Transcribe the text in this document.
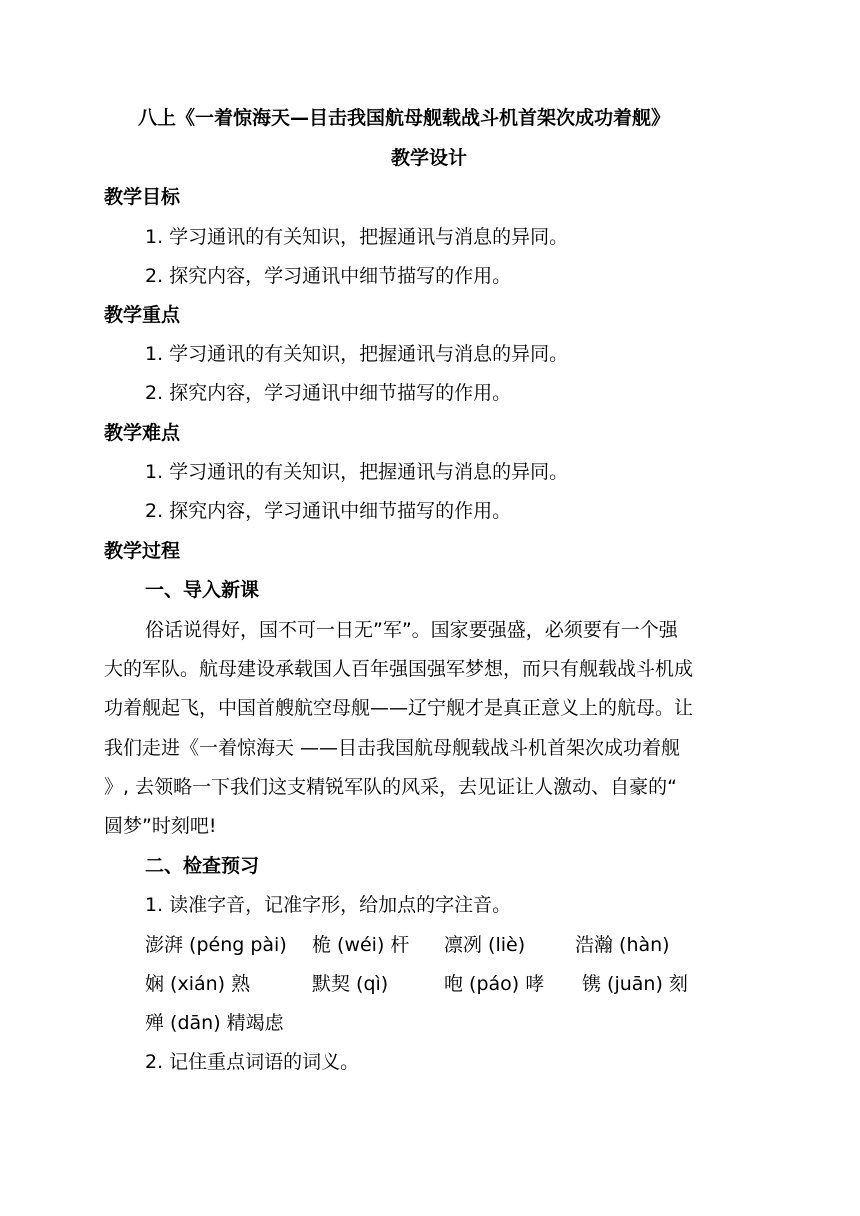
八上《一着惊海天—目击我国航母舰载战斗机首架次成功着舰》
教学设计
教学目标
1. 学习通讯的有关知识，把握通讯与消息的异同。
2. 探究内容，学习通讯中细节描写的作用。
教学重点
1. 学习通讯的有关知识，把握通讯与消息的异同。
2. 探究内容，学习通讯中细节描写的作用。
教学难点
1. 学习通讯的有关知识，把握通讯与消息的异同。
2. 探究内容，学习通讯中细节描写的作用。
教学过程
一、导入新课
俗话说得好，国不可一日无”军”。国家要强盛，必须要有一个强
大的军队。航母建设承载国人百年强国强军梦想，而只有舰载战斗机成
功着舰起飞，中国首艘航空母舰——辽宁舰才是真正意义上的航母。让
我们走进《一着惊海天 ——目击我国航母舰载战斗机首架次成功着舰
》, 去领略一下我们这支精锐军队的风采，去见证让人激动、自豪的“
圆梦”时刻吧!
二、检查预习
1. 读准字音，记准字形，给加点的字注音。
澎湃 (péng pài) 桅 (wéi) 杆 凛冽 (liè)	浩瀚 (hàn)
娴 (xián) 熟	默契 (qì)	咆 (páo) 哮 镌 (juān) 刻
殚 (dān) 精竭虑
2. 记住重点词语的词义。
